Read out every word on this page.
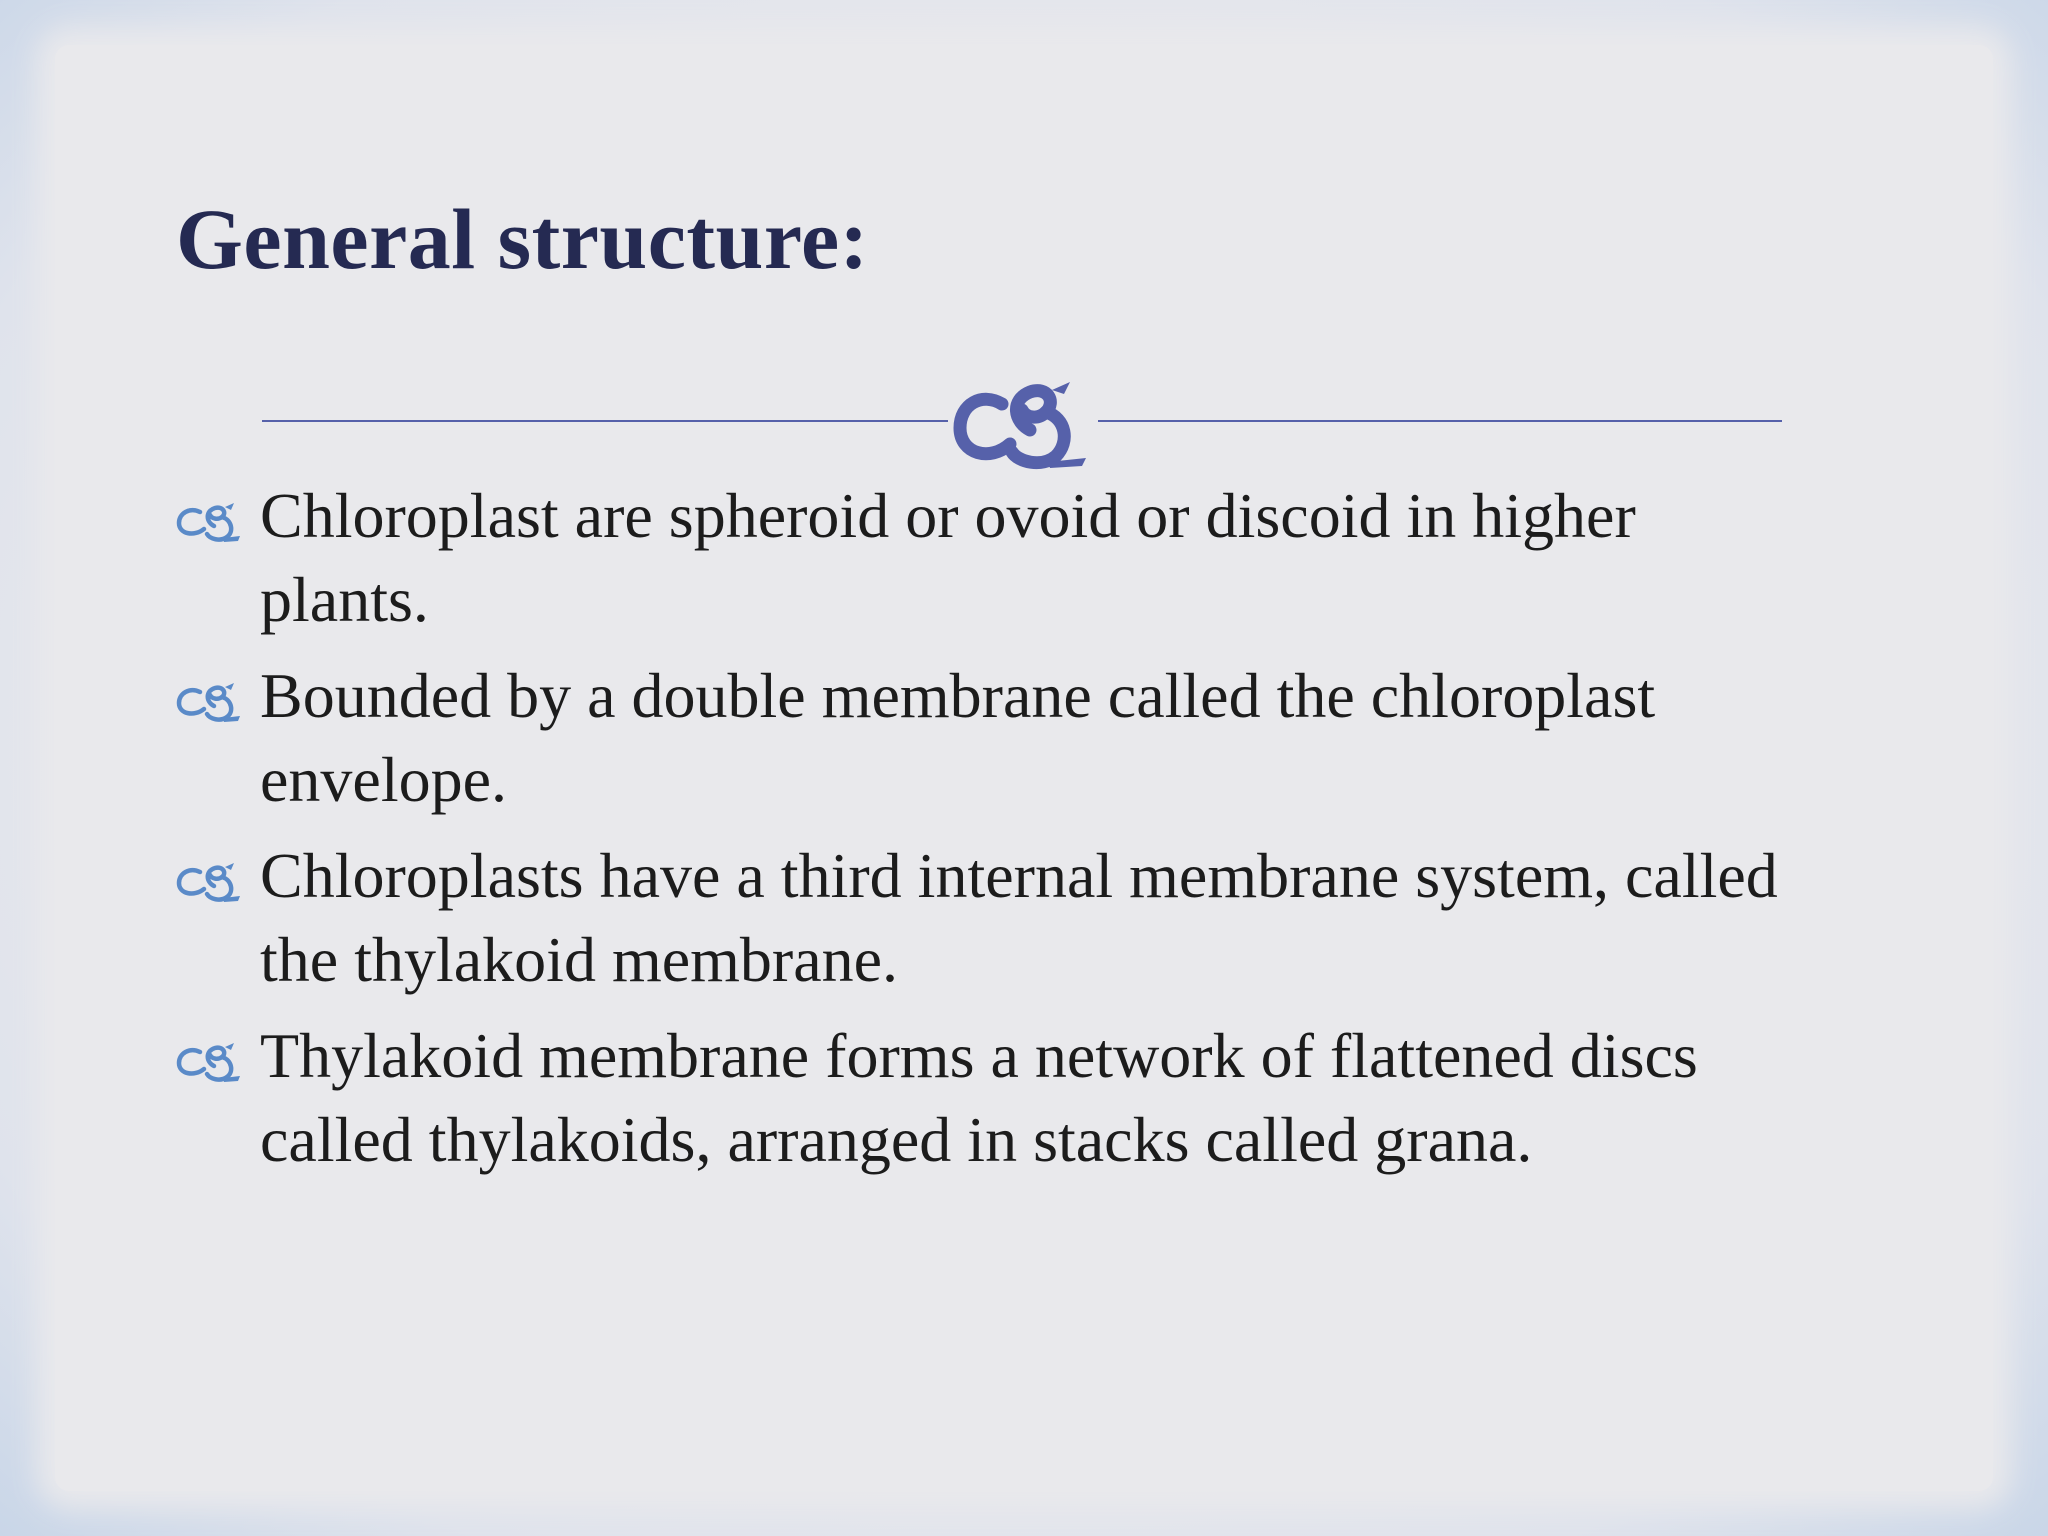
General structure:
Chloroplast are spheroid or ovoid or discoid in higher plants.
Bounded by a double membrane called the chloroplast envelope.
Chloroplasts have a third internal membrane system, called the thylakoid membrane.
Thylakoid membrane forms a network of flattened discs called thylakoids, arranged in stacks called grana.
